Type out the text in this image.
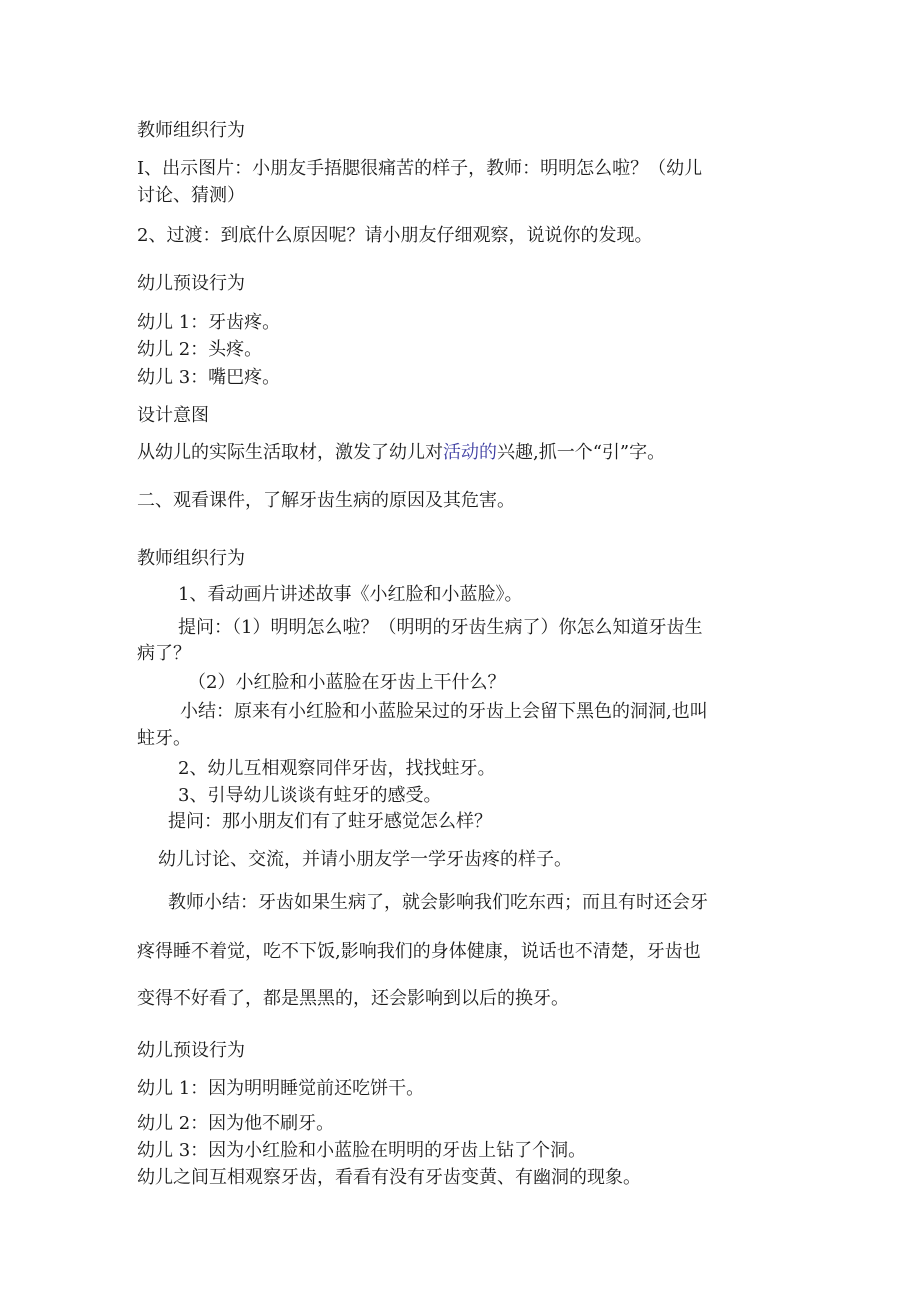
教师组织行为
I、出示图片：小朋友手捂腮很痛苦的样子，教师：明明怎么啦？（幼儿
讨论、猜测）
2、过渡：到底什么原因呢？请小朋友仔细观察，说说你的发现。
幼儿预设行为
幼儿 1：牙齿疼。
幼儿 2：头疼。
幼儿 3：嘴巴疼。
设计意图
从幼儿的实际生活取材，激发了幼儿对活动的兴趣,抓一个“引”字。
二、观看课件，了解牙齿生病的原因及其危害。
教师组织行为
1、看动画片讲述故事《小红脸和小蓝脸》。
提问：（1）明明怎么啦？（明明的牙齿生病了）你怎么知道牙齿生
病了？
（2）小红脸和小蓝脸在牙齿上干什么？
小结：原来有小红脸和小蓝脸呆过的牙齿上会留下黑色的洞洞,也叫
蛀牙。
2、幼儿互相观察同伴牙齿，找找蛀牙。
3、引导幼儿谈谈有蛀牙的感受。
提问：那小朋友们有了蛀牙感觉怎么样？
幼儿讨论、交流，并请小朋友学一学牙齿疼的样子。
教师小结：牙齿如果生病了，就会影响我们吃东西；而且有时还会牙
疼得睡不着觉，吃不下饭,影响我们的身体健康，说话也不清楚，牙齿也
变得不好看了，都是黑黑的，还会影响到以后的换牙。
幼儿预设行为
幼儿 1：因为明明睡觉前还吃饼干。
幼儿 2：因为他不刷牙。
幼儿 3：因为小红脸和小蓝脸在明明的牙齿上钻了个洞。
幼儿之间互相观察牙齿，看看有没有牙齿变黄、有幽洞的现象。
